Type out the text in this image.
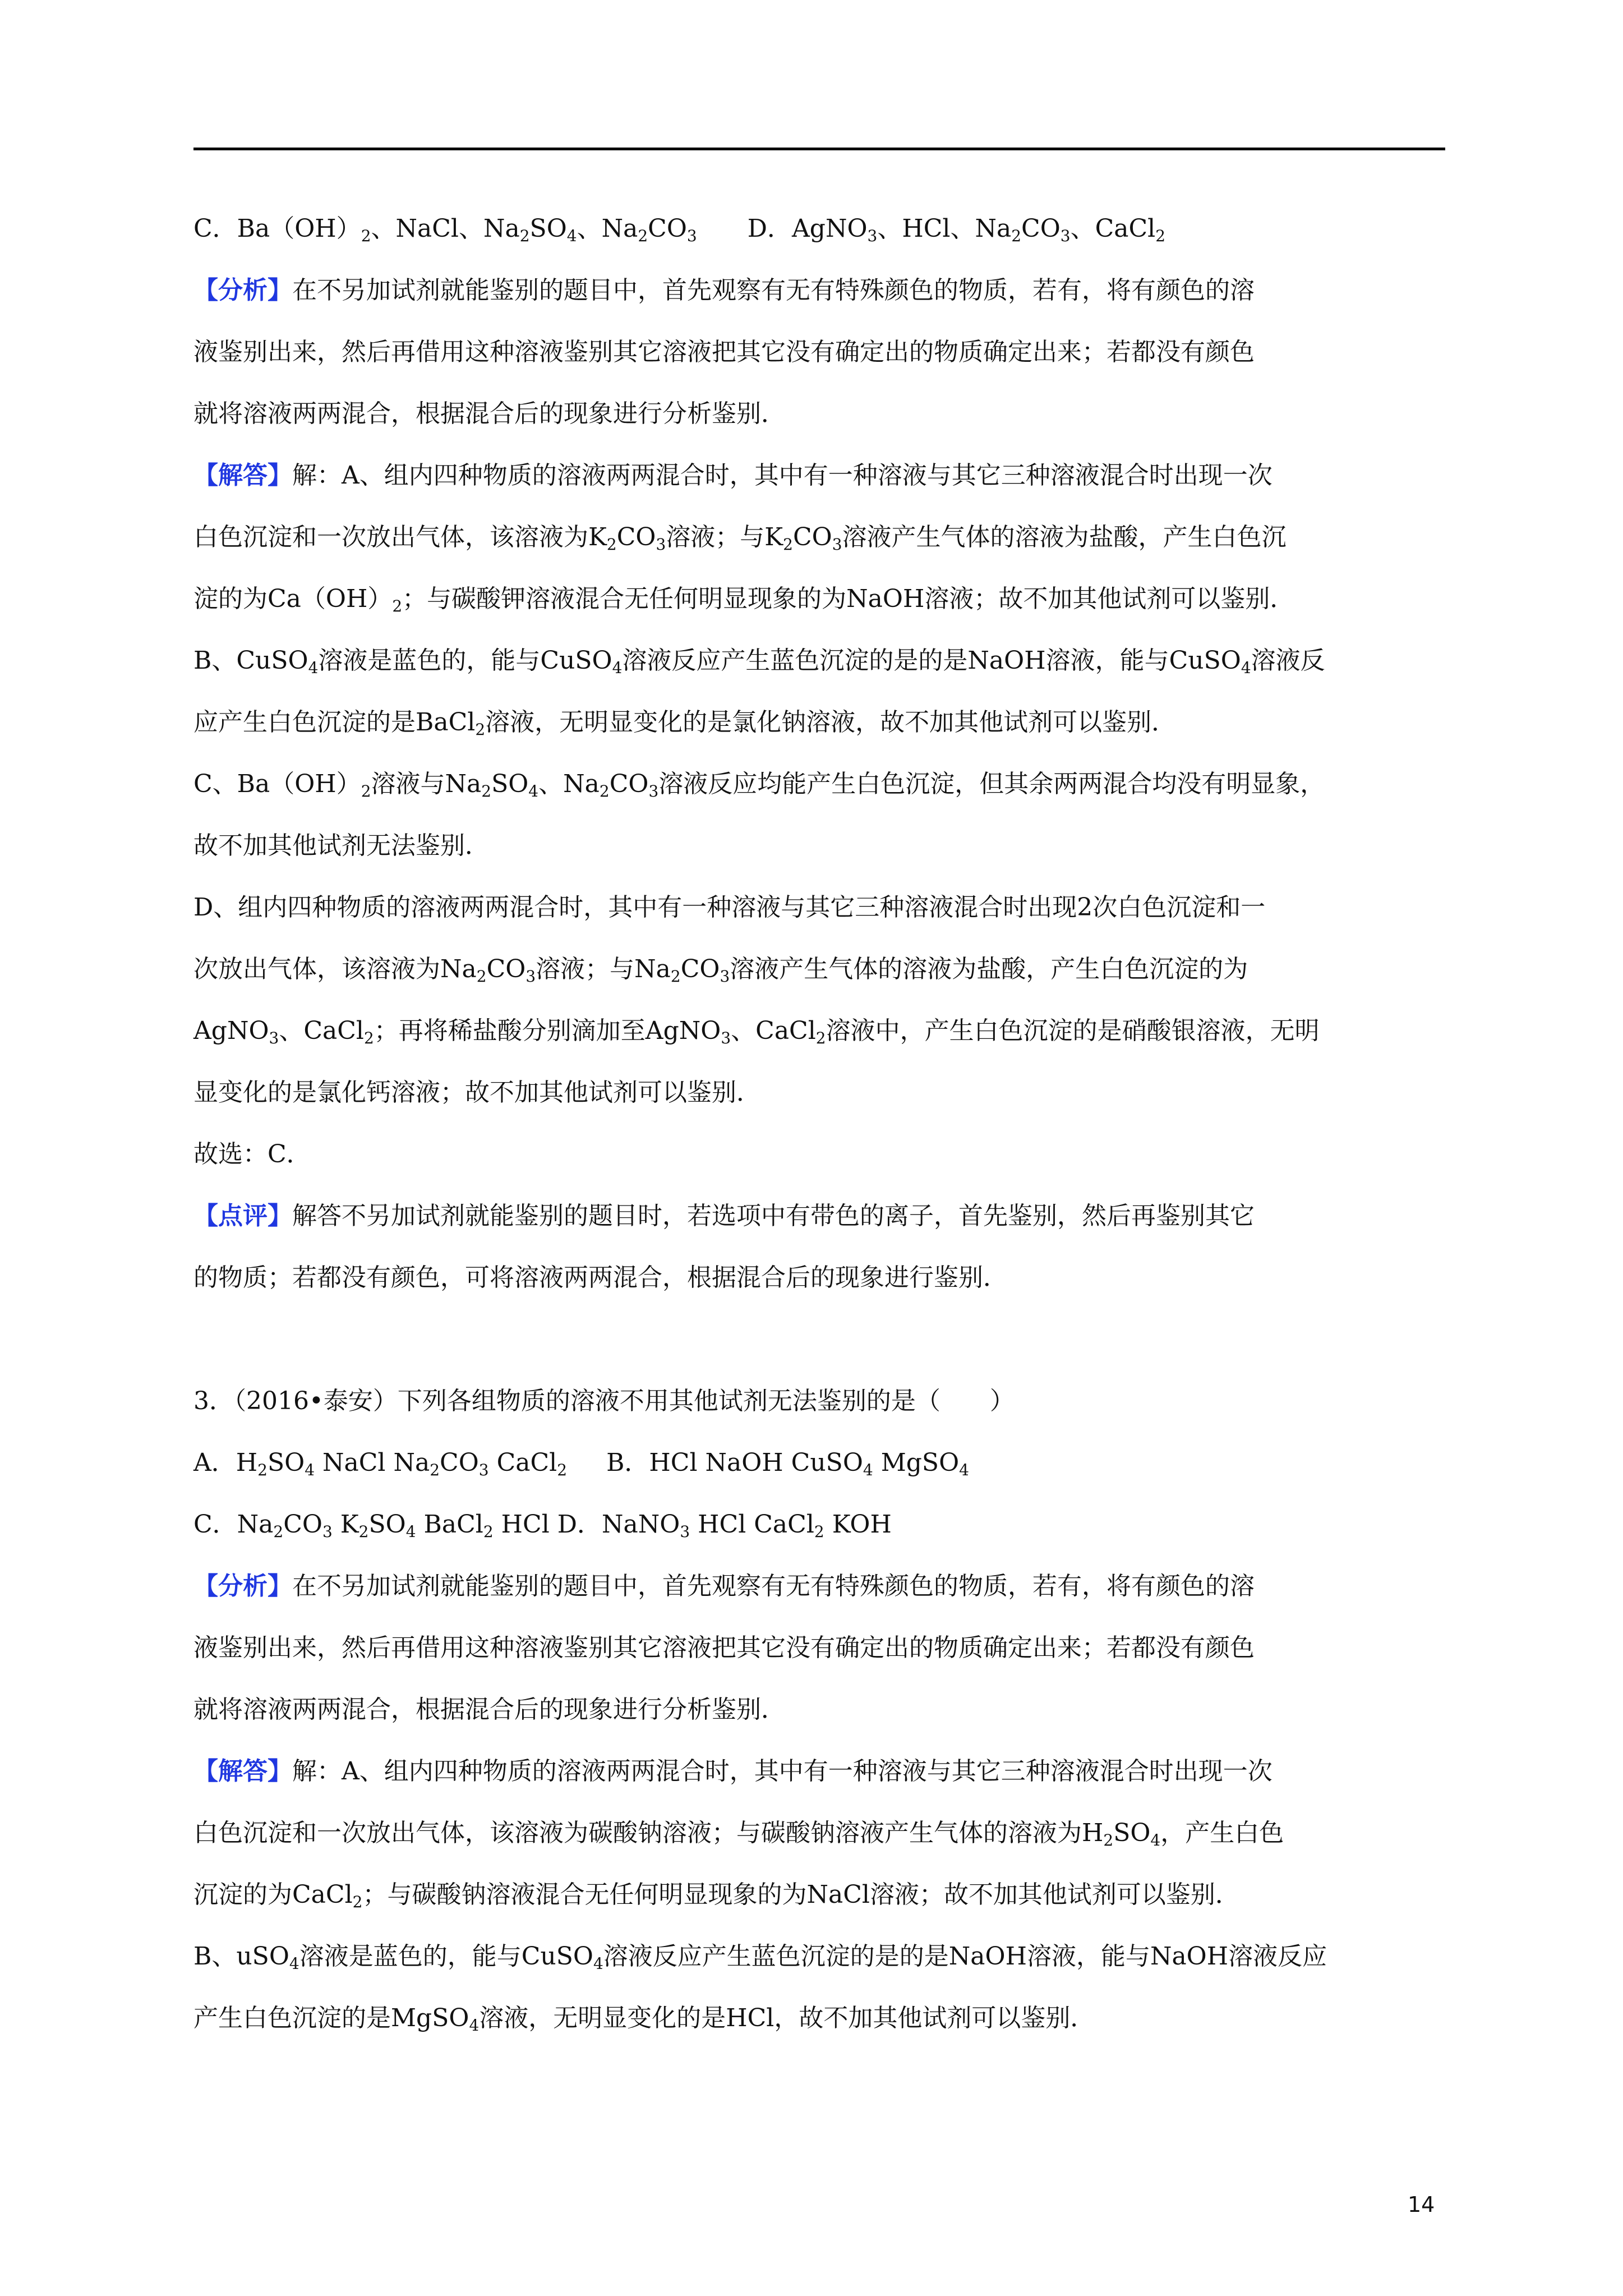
C．$Ba(OH)_2$、NaCl、$Na_2SO_4$、$Na_2CO_3$ D．AgNO$_3$、HCl、$Na_2CO_3$、CaCl$_2$
【分析】在不另加试剂就能鉴别的题目中，首先观察有无有特殊颜色的物质，若有，将有颜色的溶
液鉴别出来，然后再借用这种溶液鉴别其它溶液把其它没有确定出的物质确定出来；若都没有颜色
就将溶液两两混合，根据混合后的现象进行分析鉴别．
【解答】解：A、组内四种物质的溶液两两混合时，其中有一种溶液与其它三种溶液混合时出现一次
白色沉淀和一次放出气体，该溶液为$K_2CO_3$溶液；与$K_2CO_3$溶液产生气体的溶液为盐酸，产生白色沉
淀的为$Ca(OH)_2$；与碳酸钾溶液混合无任何明显现象的为NaOH溶液；故不加其他试剂可以鉴别．
B、CuSO$_4$溶液是蓝色的，能与CuSO$_4$溶液反应产生蓝色沉淀的是的是NaOH溶液，能与CuSO$_4$溶液反
应产生白色沉淀的是BaCl$_2$溶液，无明显变化的是氯化钠溶液，故不加其他试剂可以鉴别．
C、$Ba(OH)_2$溶液与$Na_2SO_4$、$Na_2CO_3$溶液反应均能产生白色沉淀，但其余两两混合均没有明显象，
故不加其他试剂无法鉴别．
D、组内四种物质的溶液两两混合时，其中有一种溶液与其它三种溶液混合时出现2次白色沉淀和一
次放出气体，该溶液为$Na_2CO_3$溶液；与$Na_2CO_3$溶液产生气体的溶液为盐酸，产生白色沉淀的为
AgNO$_3$、CaCl$_2$；再将稀盐酸分别滴加至AgNO$_3$、CaCl$_2$溶液中，产生白色沉淀的是硝酸银溶液，无明
显变化的是氯化钙溶液；故不加其他试剂可以鉴别．
故选：C．
【点评】解答不另加试剂就能鉴别的题目时，若选项中有带色的离子，首先鉴别，然后再鉴别其它
的物质；若都没有颜色，可将溶液两两混合，根据混合后的现象进行鉴别．
3．（2016•泰安）下列各组物质的溶液不用其他试剂无法鉴别的是（　　）
A．$H_2SO_4$ NaCl $Na_2CO_3$ CaCl$_2$ B．HCl NaOH CuSO$_4$ MgSO$_4$
C．$Na_2CO_3$ $K_2SO_4$ BaCl$_2$ HCl D．NaNO$_3$ HCl CaCl$_2$ KOH
【分析】在不另加试剂就能鉴别的题目中，首先观察有无有特殊颜色的物质，若有，将有颜色的溶
液鉴别出来，然后再借用这种溶液鉴别其它溶液把其它没有确定出的物质确定出来；若都没有颜色
就将溶液两两混合，根据混合后的现象进行分析鉴别．
【解答】解：A、组内四种物质的溶液两两混合时，其中有一种溶液与其它三种溶液混合时出现一次
白色沉淀和一次放出气体，该溶液为碳酸钠溶液；与碳酸钠溶液产生气体的溶液为$H_2SO_4$，产生白色
沉淀的为CaCl$_2$；与碳酸钠溶液混合无任何明显现象的为NaCl溶液；故不加其他试剂可以鉴别．
B、uSO$_4$溶液是蓝色的，能与CuSO$_4$溶液反应产生蓝色沉淀的是的是NaOH溶液，能与NaOH溶液反应
产生白色沉淀的是MgSO$_4$溶液，无明显变化的是HCl，故不加其他试剂可以鉴别．
14
